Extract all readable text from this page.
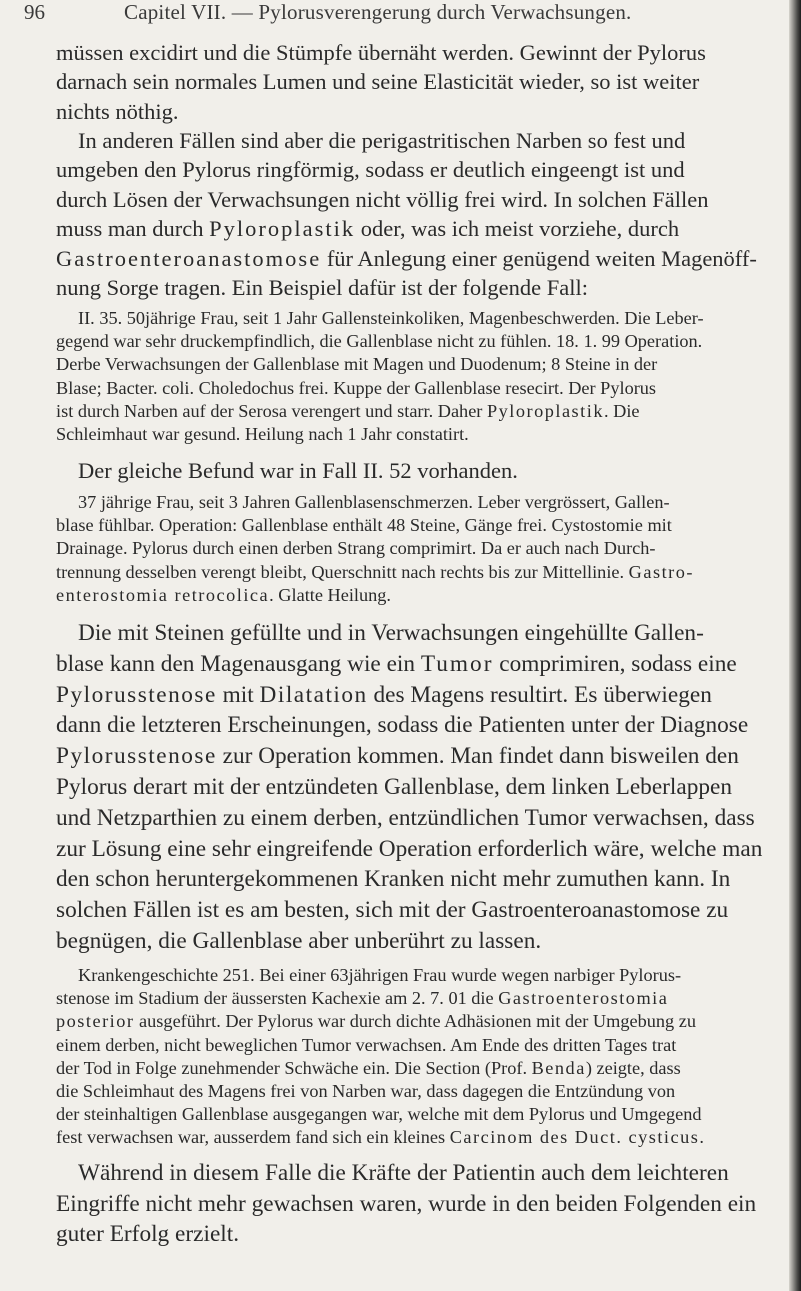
96	Capitel VII. — Pylorusverengerung durch Verwachsungen.
müssen excidirt und die Stümpfe übernäht werden. Gewinnt der Pylorus
darnach sein normales Lumen und seine Elasticität wieder, so ist weiter
nichts nöthig.
In anderen Fällen sind aber die perigastritischen Narben so fest und
umgeben den Pylorus ringförmig, sodass er deutlich eingeengt ist und
durch Lösen der Verwachsungen nicht völlig frei wird. In solchen Fällen
muss man durch Pyloroplastik oder, was ich meist vorziehe, durch
Gastroenteroanastomose für Anlegung einer genügend weiten Magenöff-
nung Sorge tragen. Ein Beispiel dafür ist der folgende Fall:
II. 35. 50jährige Frau, seit 1 Jahr Gallensteinkoliken, Magenbeschwerden. Die Leber-
gegend war sehr druckempfindlich, die Gallenblase nicht zu fühlen. 18. 1. 99 Operation.
Derbe Verwachsungen der Gallenblase mit Magen und Duodenum; 8 Steine in der
Blase; Bacter. coli. Choledochus frei. Kuppe der Gallenblase resecirt. Der Pylorus
ist durch Narben auf der Serosa verengert und starr. Daher Pyloroplastik. Die
Schleimhaut war gesund. Heilung nach 1 Jahr constatirt.
Der gleiche Befund war in Fall II. 52 vorhanden.
37 jährige Frau, seit 3 Jahren Gallenblasenschmerzen. Leber vergrössert, Gallen-
blase fühlbar. Operation: Gallenblase enthält 48 Steine, Gänge frei. Cystostomie mit
Drainage. Pylorus durch einen derben Strang comprimirt. Da er auch nach Durch-
trennung desselben verengt bleibt, Querschnitt nach rechts bis zur Mittellinie. Gastro-
enterostomia retrocolica. Glatte Heilung.
Die mit Steinen gefüllte und in Verwachsungen eingehüllte Gallen-
blase kann den Magenausgang wie ein Tumor comprimiren, sodass eine
Pylorusstenose mit Dilatation des Magens resultirt. Es überwiegen
dann die letzteren Erscheinungen, sodass die Patienten unter der Diagnose
Pylorusstenose zur Operation kommen. Man findet dann bisweilen den
Pylorus derart mit der entzündeten Gallenblase, dem linken Leberlappen
und Netzparthien zu einem derben, entzündlichen Tumor verwachsen, dass
zur Lösung eine sehr eingreifende Operation erforderlich wäre, welche man
den schon heruntergekommenen Kranken nicht mehr zumuthen kann. In
solchen Fällen ist es am besten, sich mit der Gastroenteroanastomose zu
begnügen, die Gallenblase aber unberührt zu lassen.
Krankengeschichte 251. Bei einer 63jährigen Frau wurde wegen narbiger Pylorus-
stenose im Stadium der äussersten Kachexie am 2. 7. 01 die Gastroenterostomia
posterior ausgeführt. Der Pylorus war durch dichte Adhäsionen mit der Umgebung zu
einem derben, nicht beweglichen Tumor verwachsen. Am Ende des dritten Tages trat
der Tod in Folge zunehmender Schwäche ein. Die Section (Prof. Benda) zeigte, dass
die Schleimhaut des Magens frei von Narben war, dass dagegen die Entzündung von
der steinhaltigen Gallenblase ausgegangen war, welche mit dem Pylorus und Umgegend
fest verwachsen war, ausserdem fand sich ein kleines Carcinom des Duct. cysticus.
Während in diesem Falle die Kräfte der Patientin auch dem leichteren
Eingriffe nicht mehr gewachsen waren, wurde in den beiden Folgenden ein
guter Erfolg erzielt.
